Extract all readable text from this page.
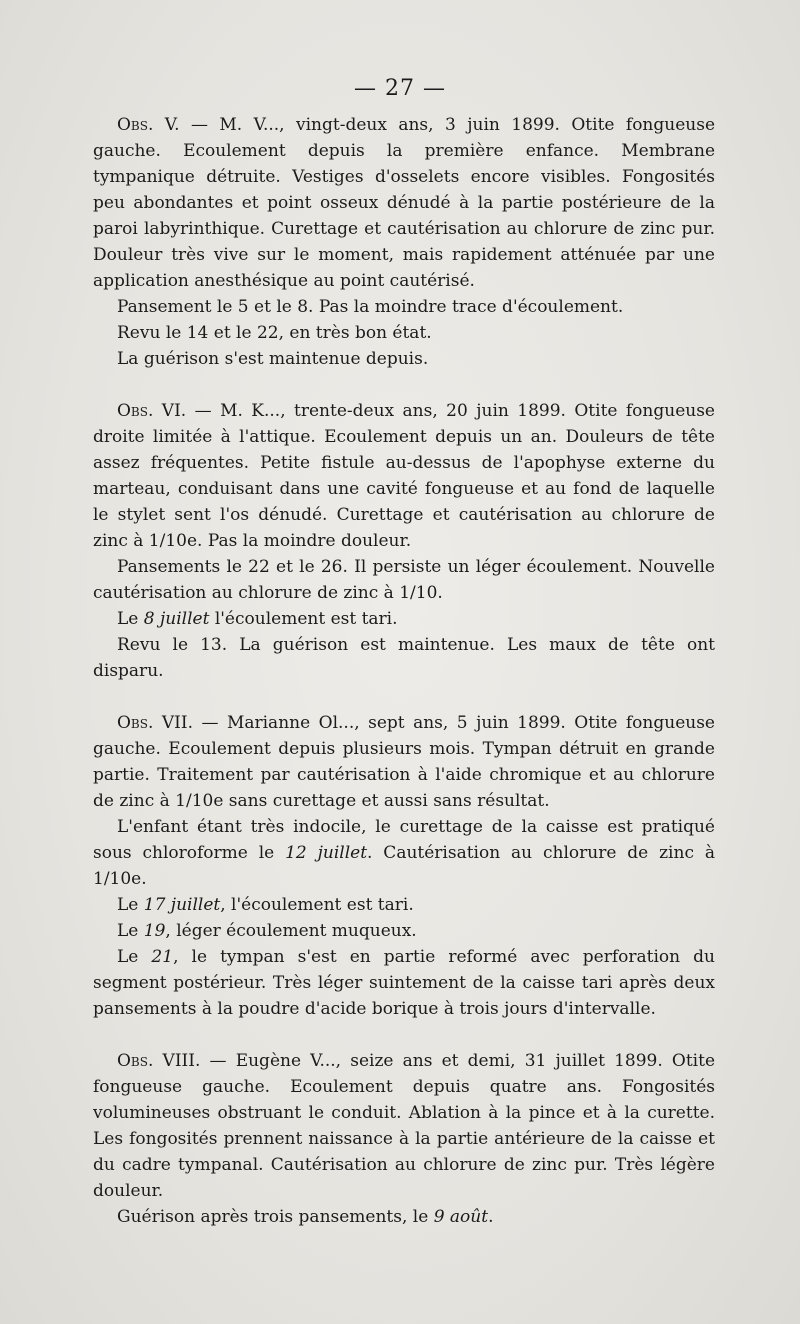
— 27 —

Obs. V. — M. V..., vingt-deux ans, 3 juin 1899. Otite fongueuse gauche. Ecoulement depuis la première enfance. Membrane tympanique détruite. Vestiges d'osselets encore visibles. Fongosités peu abondantes et point osseux dénudé à la partie postérieure de la paroi labyrinthique. Curettage et cautérisation au chlorure de zinc pur. Douleur très vive sur le moment, mais rapidement atténuée par une application anesthésique au point cautérisé.

Pansement le 5 et le 8. Pas la moindre trace d'écoulement.

Revu le 14 et le 22, en très bon état.

La guérison s'est maintenue depuis.

Obs. VI. — M. K..., trente-deux ans, 20 juin 1899. Otite fongueuse droite limitée à l'attique. Ecoulement depuis un an. Douleurs de tête assez fréquentes. Petite fistule au-dessus de l'apophyse externe du marteau, conduisant dans une cavité fongueuse et au fond de laquelle le stylet sent l'os dénudé. Curettage et cautérisation au chlorure de zinc à 1/10e. Pas la moindre douleur.

Pansements le 22 et le 26. Il persiste un léger écoulement. Nouvelle cautérisation au chlorure de zinc à 1/10.

Le 8 juillet l'écoulement est tari.

Revu le 13. La guérison est maintenue. Les maux de tête ont disparu.

Obs. VII. — Marianne Ol..., sept ans, 5 juin 1899. Otite fongueuse gauche. Ecoulement depuis plusieurs mois. Tympan détruit en grande partie. Traitement par cautérisation à l'aide chromique et au chlorure de zinc à 1/10e sans curettage et aussi sans résultat.

L'enfant étant très indocile, le curettage de la caisse est pratiqué sous chloroforme le 12 juillet. Cautérisation au chlorure de zinc à 1/10e.

Le 17 juillet, l'écoulement est tari.

Le 19, léger écoulement muqueux.

Le 21, le tympan s'est en partie reformé avec perforation du segment postérieur. Très léger suintement de la caisse tari après deux pansements à la poudre d'acide borique à trois jours d'intervalle.

Obs. VIII. — Eugène V..., seize ans et demi, 31 juillet 1899. Otite fongueuse gauche. Ecoulement depuis quatre ans. Fongosités volumineuses obstruant le conduit. Ablation à la pince et à la curette. Les fongosités prennent naissance à la partie antérieure de la caisse et du cadre tympanal. Cautérisation au chlorure de zinc pur. Très légère douleur.

Guérison après trois pansements, le 9 août.
